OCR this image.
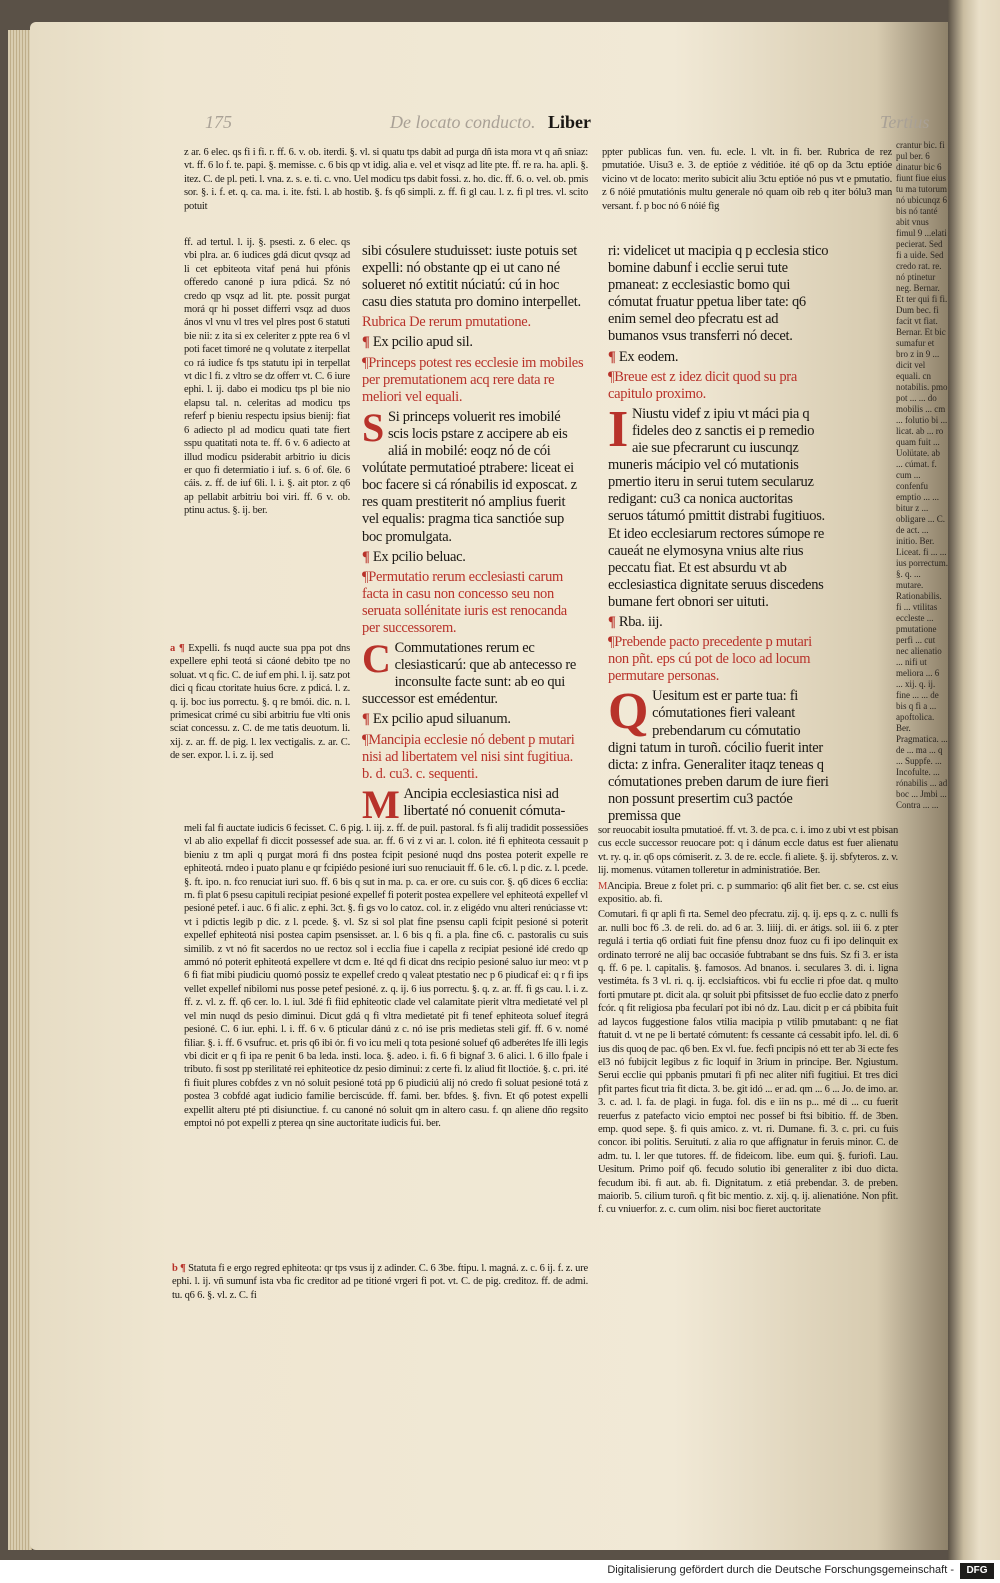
175	De locato conducto. Liber	Tertius

z ar. 6 elec. qs fi i fi. r. ff. 6. v. ob. iterdi. §. vl. si quatu tps dabit ad purga dñ ista mora vt q añ sniaz: vt. ff. 6 lo f. te. papi. §. memisse. c. 6 bis qp vt idig. alia e. vel et visqz ad lite pte. ff. re ra. ha. apli. §. itez. C. de pl. peti. l. vna. z. s. e. ti. c. vno. Uel modicu tps dabit fossi. z. ho. dic. ff. 6. o. vel. ob. pmis sor. §. i. f. et. q. ca. ma. i. ite. fsti. l. ab hostib. §. fs q6 simpli. z. ff. fi gl cau. l. z. fi pl tres. vl. scito potuit

ff. ad tertul. l. ij. §. psesti. z. 6 elec. qs vbi plra. ar. 6 iudices gdá dicut qvsqz ad li cet epbiteota vitaf pená hui pfónis offeredo canoné p iura pdicá. Sz nó credo qp vsqz ad lit. pte. possit purgat morá qr hi posset differri vsqz ad duos ános vl vnu vl tres vel plres post 6 statuti bie nii: z ita si ex celeriter z ppte rea 6 vl poti facet timoré ne q volutate z iterpellat co rá iudice fs tps statutu ipi in terpellat vt dic l fi. z vltro se dz offerr vt. C. 6 iure ephi. l. ij. dabo ei modicu tps pl bie nio elapsu tal. n. celeritas ad modicu tps referf p bieniu respectu ipsius bienij: fiat 6 adiecto pl ad modicu quati tate fiert sspu quatitati nota te. ff. 6 v. 6 adiecto at illud modicu psiderabit arbitrio iu dicis er quo fi determiatio i iuf. s. 6 of. 6le. 6 cáis. z. ff. de iuf 6li. l. i. §. ait ptor. z q6 ap pellabit arbitriu boi viri. ff. 6 v. ob. ptinu actus. §. ij. ber.

a ¶ Expelli. fs nuqd aucte sua ppa pot dns expellere ephi teotá si cáoné debito tpe no soluat. vt q fic. C. de iuf em phi. l. ij. satz pot dici q ficau ctoritate huius 6cre. z pdicá. l. z. q. ij. boc ius porrectu. §. q re bmói. dic. n. l. primesicat crimé cu sibi arbitriu fue vlti onis sciat concessu. z. C. de me tatis deuotum. li. xij. z. ar. ff. de pig. l. lex vectigalis. z. ar. C. de ser. expor. l. i. z. ij. sed

meli fal fi auctate iudicis 6 fecisset. C. 6 pig. l. iij. z. ff. de puil. pastoral. fs fi alij tradidit possessiões vl ab alio expellaf fi diccit possessef ade sua. ar. ff. 6 vi z vi ar. l. colon. ité fi ephiteota cessauit p bieniu z tm apli q purgat morá fi dns postea fcipit pesioné nuqd dns postea poterit expelle re ephiteotá. rndeo i puato planu e qr fcipiédo pesioné iuri suo renuciauit ff. 6 le. c6. l. p dic. z. l. pcede. §. ft. ipo. n. fco renuciat iuri suo. ff. 6 bis q sut in ma. p. ca. er ore. cu suis cor. §. q6 dices 6 ecclia: rn. fi plat 6 psesu capituli recipiat pesioné expellef fi poterit postea expellere vel ephiteotá expellef vl pesioné petef. i auc. 6 fi alic. z ephi. 3ct. §. fi gs vo lo catoz. col. ir. z eligédo vnu alteri renúciasse vt: vt i pdictis legib p dic. z l. pcede. §. vl. Sz si sol plat fine psensu capli fcipit pesioné si poterit expellef ephiteotá nisi postea capim psensisset. ar. l. 6 bis q fi. a pla. fine c6. c. pastoralis cu suis similib. z vt nó fit sacerdos no ue rectoz sol i ecclia fiue i capella z recipiat pesioné idé credo qp ammó nó poterit ephiteotá expellere vt dcm e. Ité qd fi dicat dns recipio pesioné saluo iur meo: vt p 6 fi fiat mibi piudiciu quomó possiz te expellef credo q valeat ptestatio nec p 6 piudicaf ei: q r fi ips vellet expellef nibilomi nus posse petef pesioné. z. q. ij. 6 ius porrectu. §. q. z. ar. ff. fi gs cau. l. i. z. ff. z. vl. z. ff. q6 cer. lo. l. iul. 3dé fi fiid ephiteotic clade vel calamitate pierit vltra medietaté vel pl vel min nuqd ds pesio diminui. Dicut gdá q fi vltra medietaté pit fi tenef ephiteota soluef ítegrá pesioné. C. 6 iur. ephi. l. i. ff. 6 v. 6 pticular dánú z c. nó ise pris medietas steli gif. ff. 6 v. nomé filiar. §. i. ff. 6 vsufruc. et. pris q6 ibi ór. fi vo icu meli q tota pesioné soluef q6 adberétes lfe illi legis vbi dicit er q fi ipa re penit 6 ba leda. insti. loca. §. adeo. i. fi. 6 fi bignaf 3. 6 alici. l. 6 illo fpale i tributo. fi sost pp sterilitaté rei ephiteotice dz pesio diminui: z certe fi. lz aliud fit lloctióe. §. c. pri. ité fi fiuit plures cobfdes z vn nó soluit pesioné totá pp 6 piudiciú alij nó credo fi soluat pesioné totá z postea 3 cobfdé agat iudicio familie berciscúde. ff. fami. ber. bfdes. §. fivn. Et q6 potest expelli expellit alteru pté pti disiunctiue. f. cu canoné nó soluit qm in altero casu. f. qn aliene dño regsito emptoi nó pot expelli z pterea qn sine auctoritate iudicis fui. ber.

b ¶ Statuta fi e ergo regred ephiteota: qr tps vsus ij z adinder. C. 6 3be. ftipu. l. magná. z. c. 6 ij. f. z. ure ephi. l. ij. vñ sumunf ista vba fic creditor ad pe titioné vrgeri fi pot. vt. C. de pig. creditoz. ff. de admi. tu. q6 6. §. vl. z. C. fi

sibi cósulere studuisset: iuste potuis set expelli: nó obstante qp ei ut cano né solueret nó extitit núciatú: cú in hoc casu dies statuta pro domino interpellet.

Rubrica De rerum pmutatione.

¶ Ex pcilio apud sil.

¶Princeps potest res ecclesie im mobiles per premutationem acq rere data re meliori vel equali.

S Si princeps voluerit res imobilé scis locis pstare z accipere ab eis aliá in mobilé: eoqz nó de cói volútate permutatioé ptrabere: liceat ei boc facere si cá rónabilis id exposcat. z res quam prestiterit nó amplius fuerit vel equalis: pragma tica sanctióe sup boc promulgata.

¶ Ex pcilio beluac.

¶Permutatio rerum ecclesiasti carum facta in casu non concesso seu non seruata sollénitate iuris est renocanda per successorem.

C Commutationes rerum ec clesiasticarú: que ab antecesso re inconsulte facte sunt: ab eo qui successor est emédentur.

¶ Ex pcilio apud siluanum.

¶Mancipia ecclesie nó debent p mutari nisi ad libertatem vel nisi sint fugitiua. b. d. cu3. c. sequenti.

M Ancipia ecclesiastica nisi ad libertaté nó conuenit cómuta-

ppter publicas fun. ven. fu. ecle. l. vlt. in fi. ber. Rubrica de rez pmutatióe. Uisu3 e. 3. de eptióe z véditióe. ité q6 op da 3ctu eptióe vicino vt de locato: merito subicit aliu 3ctu eptióe nó pus vt e pmutatio. z 6 nóié pmutatiónis multu generale nó quam oib reb q iter bólu3 man versant. f. p boc nó 6 nóié fig

ri: videlicet ut macipia q p ecclesia stico bomine dabunf i ecclie serui tute pmaneat: z ecclesiastic bomo qui cómutat fruatur ppetua liber tate: q6 enim semel deo pfecratu est ad bumanos vsus transferri nó decet.

¶ Ex eodem.

¶Breue est z idez dicit quod su pra capitulo proximo.

I Niustu videf z ipiu vt máci pia q fideles deo z sanctis ei p remedio aie sue pfecrarunt cu iuscunqz muneris mácipio vel có mutationis pmertio iteru in serui tutem secularuz redigant: cu3 ca nonica auctoritas seruos tátumó pmittit distrabi fugitiuos. Et ideo ecclesiarum rectores súmope re caueát ne elymosyna vnius alte rius peccatu fiat. Et est absurdu vt ab ecclesiastica dignitate seruus discedens bumane fert obnori ser uituti.

¶ Rba. iij.

¶Prebende pacto precedente p mutari non pñt. eps cú pot de loco ad locum permutare personas.

Q Uesitum est er parte tua: fi cómutationes fieri valeant prebendarum cu cómutatio digni tatum in turoñ. cócilio fuerit inter dicta: z infra. Generaliter itaqz teneas q cómutationes preben darum de iure fieri non possunt presertim cu3 pactóe premissa que

sor reuocabit iosulta pmutatioé. ff. vt. 3. de pca. c. i. imo z ubi vt est pbisan cus eccle successor reuocare pot: q i dánum eccle datus est fuer alienatu vt. ry. q. ir. q6 ops cómiserit. z. 3. de re. eccle. fi aliete. §. ij. sbfyteros. z. v. lij. momenus. vútamen tolleretur in administratióe. Ber.

MAncipia. Breue z folet pri. c. p summario: q6 alit fiet ber. c. se. cst eius expositio. ab. fi.

Comutari. fi qr apli fi rta. Semel deo pfecratu. zij. q. ij. eps q. z. c. nulli fs ar. nulli boc f6 .3. de reli. do. ad 6 ar. 3. liiij. di. er átigs. sol. iii 6. z pter regulá i tertia q6 ordiati fuit fine pfensu dnoz fuoz cu fi ipo delinquit ex ordinato terroré ne alij bac occasióe fubtrabant se dns fuis. Sz fi 3. er ista q. ff. 6 pe. l. capitalis. §. famosos. Ad bnanos. i. seculares 3. di. i. ligna vestiméta. fs 3 vl. ri. q. ij. ecclsiafticos. vbi fu ecclie ri pfoe dat. q multo forti pmutare pt. dicit ala. qr soluit pbi pfitsisset de fuo ecclie dato z pnerfo fcór. q fit religiosa pba fecularí pot ibi nó dz. Lau. dicit p er cá pbibita fuit ad laycos fuggestione falos vtilia macipia p vtilib pmutabant: q ne fiat ftatuit d. vt ne pe li bertaté cómutent: fs cessante cá cessabit ipfo. lel. di. 6 ius dis quoq de pac. q6 ben. Ex vl. fue. fecfi pncipis nó ett ter ab 3i ecte fes el3 nó fubijcit legibus z fic loquif in 3rium in principe. Ber. Ngiustum. Serui ecclie qui ppbanis pmutari fi pfi nec aliter nifi fugitiui. Et tres dici pfit partes ficut tria fit dicta. 3. be. git idó ... er ad. qm ... 6 ... Jo. de imo. ar. 3. c. ad. l. fa. de plagi. in fuga. fol. dis e iin ns p... mé di ... cu fuerit reuerfus z patefacto vicio emptoi nec possef bi ftsi bibitio. ff. de 3ben. emp. quod sepe. §. fi quis amico. z. vt. ri. Dumane. fi. 3. c. pri. cu fuis concor. ibi politis. Seruitutí. z alia ro que affignatur in feruis minor. C. de adm. tu. l. ler que tutores. ff. de fideicom. libe. eum qui. §. furiofi. Lau. Uesitum. Primo poif q6. fecudo solutio ibi generaliter z ibi duo dicta. fecudum ibi. fi aut. ab. fi. Dignitatum. z etiá prebendar. 3. de preben. maiorib. 5. cilium turoñ. q fit bic mentio. z. xij. q. ij. alienatióne. Non pfit. f. cu vniuerfor. z. c. cum olim. nisi boc fieret auctoritate

crantur bic. fi pul ber. 6 dinatur bic 6 fiunt fiue eius tu ma tutorum nó ubicunqz 6 bis nó tanté abit vnus fimul 9 ...elati pecierat. Sed fi a uide. Sed credo rat. re. nó ptinetur neg. Bernar. Et ter qui fi fi. Dum bec. fi facit vt fiat. Bernar. Et bic sumafur et bro z in 9 ... dicit vel equali. cn notabilis. pmo pot ... ... do mobilis ... cm ... folutio bi ... licat. ab ... ro quam fuit ... Uolütate. ab ... cúmat. f. cum ... confenfu emptio ... ... bitur z ... obligare ... C. de act. ... initio. Ber. Liceat. fi ... ... ius porrectum. §. q. ... mutare. Rationabilis. fi ... vtilitas eccleste ... pmutatione perfi ... cut nec alienatio ... nifi ut meliora ... 6 ... xij. q. ij. fine ... ... de bis q fi a ... apoftolica. Ber. Pragmatica. ... de ... ma ... q ... Suppfe. ... Incofulte. ... rónabilis ... ad boc ... Jmbi ... Contra ... ...
Digitalisierung gefördert durch die Deutsche Forschungsgemeinschaft -	DFG
